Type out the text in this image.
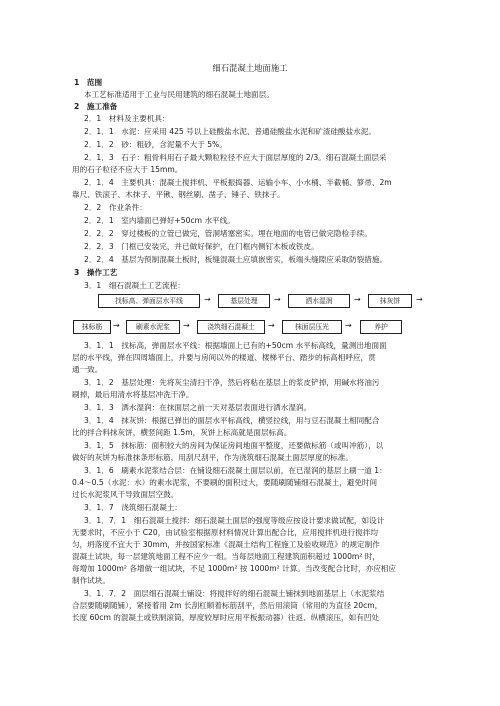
细石混凝土地面施工
1　范围
本工艺标准适用于工业与民用建筑的细石混凝土地面层。
2　施工准备
2．1　材料及主要机具：
2．1．1　水泥：应采用 425 号以上硅酸盐水泥、普通硅酸盐水泥和矿渣硅酸盐水泥。
2．1．2　砂：粗砂，含泥量不大于 5%。
2．1．3　石子：粗骨料用石子最大颗粒粒径不应大于面层厚度的 2/3。细石混凝土面层采
用的石子粒径不应大于 15mm。
2．1．4　主要机具：混凝土搅拌机、平板振捣器、运输小车、小水桶、半截桶、箩帚、2m
靠尺、铁滚子、木抹子、平锹、钢丝刷、凿子、锤子、铁抹子。
2．2　作业条件：
2．2．1　室内墙面已弹好+50cm 水平线。
2．2．2　穿过楼板的立管已做完，管洞堵塞密实。埋在地面的电管已做完隐检手续。
2．2．3　门框已安装完，并已做好保护，在门框内侧钉木板或铁皮。
2．2．4　基层为预制混凝土板时，板缝混凝土应填嵌密实，板端头缝隙应采取防裂措施。
3　操作工艺
3．1　细石混凝土工艺流程：
找标高、弹面层水平线	→	基层处理	→	洒水湿润	→	抹灰饼	→
抹标筋	→	刷素水泥浆	→	浇筑细石混凝土	→	抹面层压光	→	养护
3．1．1　找标高，弹面层水平线：根据墙面上已有的+50cm 水平标高线，量测出地面面
层的水平线，弹在四周墙面上，并要与房间以外的楼道、楼梯平台、踏步的标高相呼应，贯
通一致。
3．1．2　基层处理：先将灰尘清扫干净，然后将粘在基层上的浆皮铲掉，用碱水将油污
刷掉，最后用清水将基层冲洗干净。
3．1．3　洒水湿润：在抹面层之前一天对基层表面进行洒水湿润。
3．1．4　抹灰饼：根据已弹出的面层水平标高线，横竖拉线，用与豆石混凝土相同配合
比的拌合料抹灰饼，横竖间距 1.5m，灰饼上标高就是面层标高。
3．1．5　抹标筋：面积较大的房间为保证房间地面平整度，还要做标筋（或叫冲筋），以
做好的灰饼为标准抹条形标筋，用刮尺刮平，作为浇筑细石混凝土面层厚度的标准。
3．1．6　刷素水泥浆结合层：在铺设细石混凝土面层以前，在已湿润的基层上刷一道 1：
0.4～0.5（水泥：水）的素水泥浆，不要刷的面积过大，要随刷随铺细石混凝土，避免时间
过长水泥浆风干导致面层空鼓。
3．1．7　浇筑细石混凝土：
3．1．7．1　细石混凝土搅拌：细石混凝土面层的强度等级应按设计要求做试配，如设计
无要求时，不应小于 C20，由试验室根据原材料情况计算出配合比，应用搅拌机进行搅拌均
匀，坍落度不宜大于 30mm，并按国家标准《混凝土结构工程施工及验收规范》的规定制作
混凝土试块，每一层建筑地面工程不应少一组。当每层地面工程建筑面积超过 1000m² 时，
每增加 1000m² 各增做一组试块，不足 1000m² 按 1000m² 计算。当改变配合比时，亦应相应
制作试块。
3．1．7．2　面层细石混凝土铺设：将搅拌好的细石混凝土铺抹到地面基层上（水泥浆结
合层要随刷随铺），紧接着用 2m 长刮杠顺着标筋刮平，然后用滚筒（常用的为直径 20cm，
长度 60cm 的混凝土或铁制滚筒，厚度较厚时应用平板振动器）往返、纵横滚压，如有凹处
